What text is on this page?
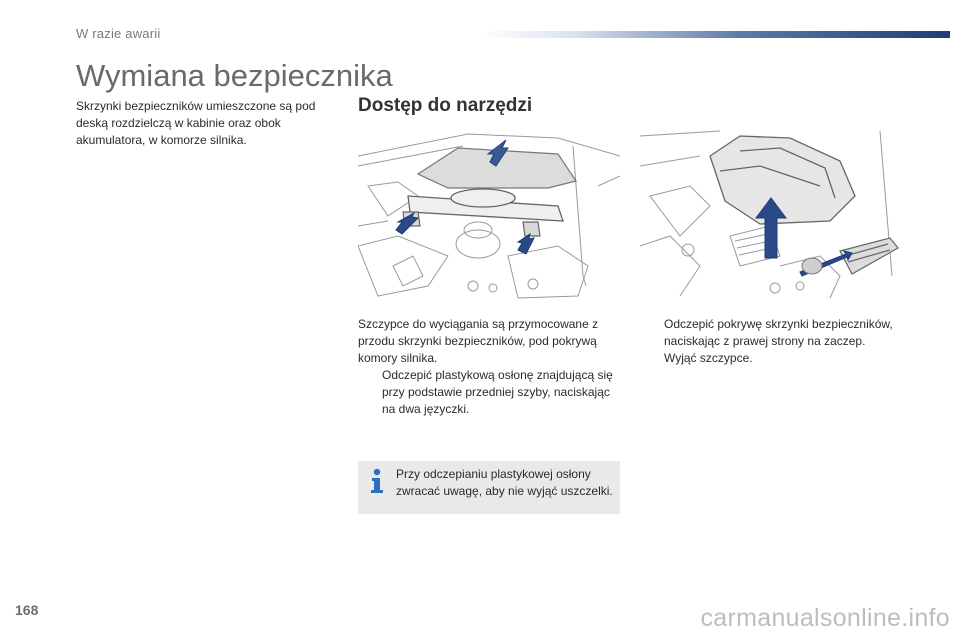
W razie awarii
Wymiana bezpiecznika
Skrzynki bezpieczników umieszczone są pod deską rozdzielczą w kabinie oraz obok akumulatora, w komorze silnika.
Dostęp do narzędzi
Szczypce do wyciągania są przymocowane z przodu skrzynki bezpieczników, pod pokrywą komory silnika.
Odczepić plastykową osłonę znajdującą się przy podstawie przedniej szyby, naciskając na dwa języczki.
Odczepić pokrywę skrzynki bezpieczników, naciskając z prawej strony na zaczep.
Wyjąć szczypce.
Przy odczepianiu plastykowej osłony zwracać uwagę, aby nie wyjąć uszczelki.
168	carmanualsonline.info
